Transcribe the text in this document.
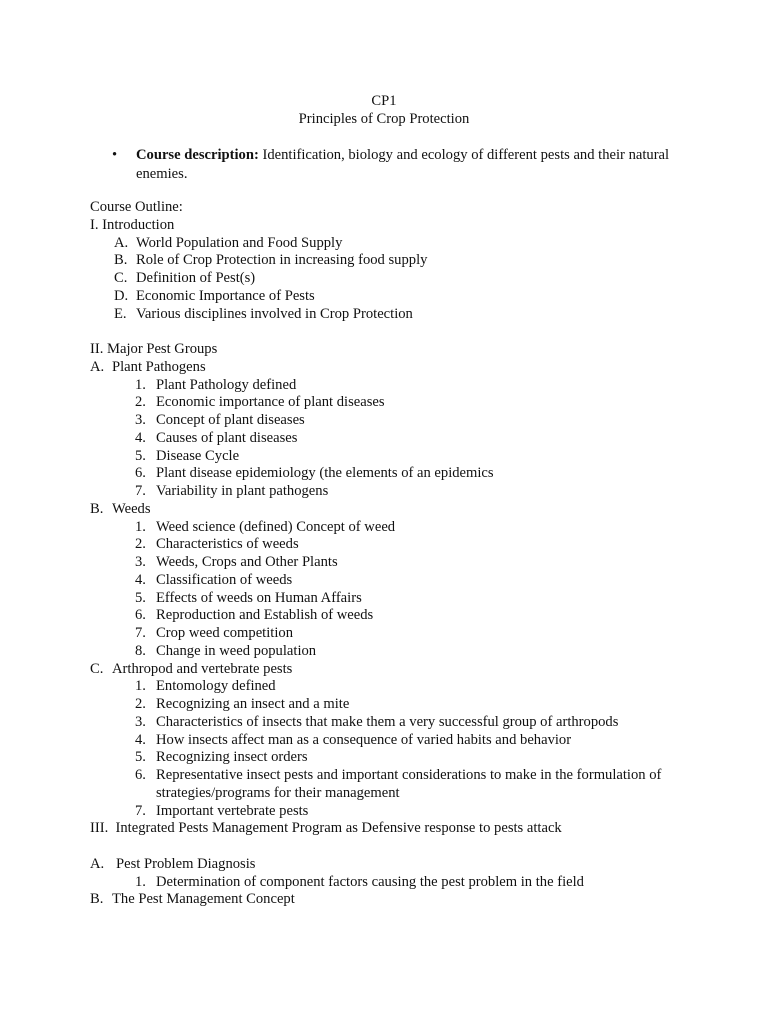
CP1
Principles of Crop Protection
• Course description: Identification, biology and ecology of different pests and their natural enemies.
Course Outline:
I. Introduction
A. World Population and Food Supply
B. Role of Crop Protection in increasing food supply
C. Definition of Pest(s)
D. Economic Importance of Pests
E. Various disciplines involved in Crop Protection
II. Major Pest Groups
A. Plant Pathogens
1. Plant Pathology defined
2. Economic importance of plant diseases
3. Concept of plant diseases
4. Causes of plant diseases
5. Disease Cycle
6. Plant disease epidemiology (the elements of an epidemics
7. Variability in plant pathogens
B. Weeds
1. Weed science (defined) Concept of weed
2. Characteristics of weeds
3. Weeds, Crops and Other Plants
4. Classification of weeds
5. Effects of weeds on Human Affairs
6. Reproduction and Establish of weeds
7. Crop weed competition
8. Change in weed population
C. Arthropod and vertebrate pests
1. Entomology defined
2. Recognizing an insect and a mite
3. Characteristics of insects that make them a very successful group of arthropods
4. How insects affect man as a consequence of varied habits and behavior
5. Recognizing insect orders
6. Representative insect pests and important considerations to make in the formulation of strategies/programs for their management
7. Important vertebrate pests
III.  Integrated Pests Management Program as Defensive response to pests attack
A. Pest Problem Diagnosis
1. Determination of component factors causing the pest problem in the field
B. The Pest Management Concept
